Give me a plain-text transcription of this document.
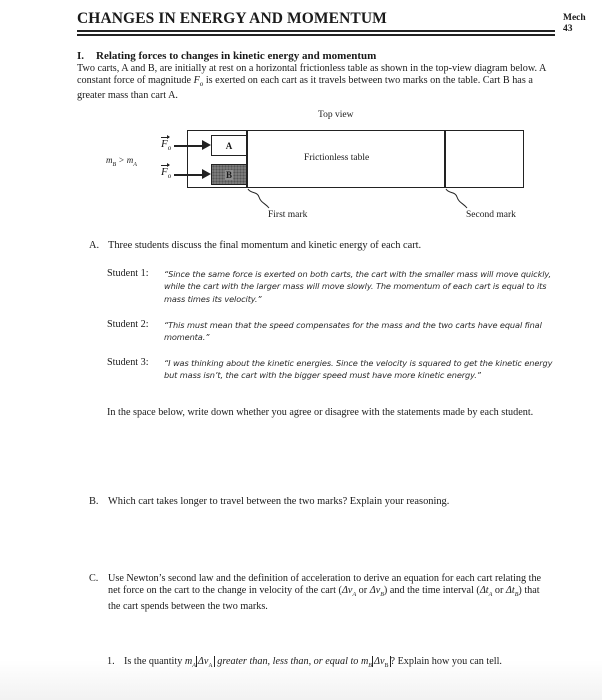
CHANGES IN ENERGY AND MOMENTUM	Mech
43
I. Relating forces to changes in kinetic energy and momentum
Two carts, A and B, are initially at rest on a horizontal frictionless table as shown in the top-view diagram below. A constant force of magnitude $F_o$ is exerted on each cart as it travels between two marks on the table. Cart B has a greater mass than cart A.
Top view
$m_B > m_A$
Frictionless table
A
B
$F_o$
$F_o$
First mark	Second mark
A. Three students discuss the final momentum and kinetic energy of each cart.
Student 1: “Since the same force is exerted on both carts, the cart with the smaller mass will move quickly, while the cart with the larger mass will move slowly. The momentum of each cart is equal to its mass times its velocity.”
Student 2: “This must mean that the speed compensates for the mass and the two carts have equal final momenta.”
Student 3: “I was thinking about the kinetic energies. Since the velocity is squared to get the kinetic energy but mass isn’t, the cart with the bigger speed must have more kinetic energy.”
In the space below, write down whether you agree or disagree with the statements made by each student.
B. Which cart takes longer to travel between the two marks? Explain your reasoning.
C. Use Newton’s second law and the definition of acceleration to derive an equation for each cart relating the net force on the cart to the change in velocity of the cart ($\Delta v_A$ or $\Delta v_B$) and the time interval ($\Delta t_A$ or $\Delta t_B$) that the cart spends between the two marks.
1. Is the quantity $m_A$ $\Delta v_A$ greater than, less than, or equal to $m_B$ $\Delta v_B$ ? Explain how you can tell.
